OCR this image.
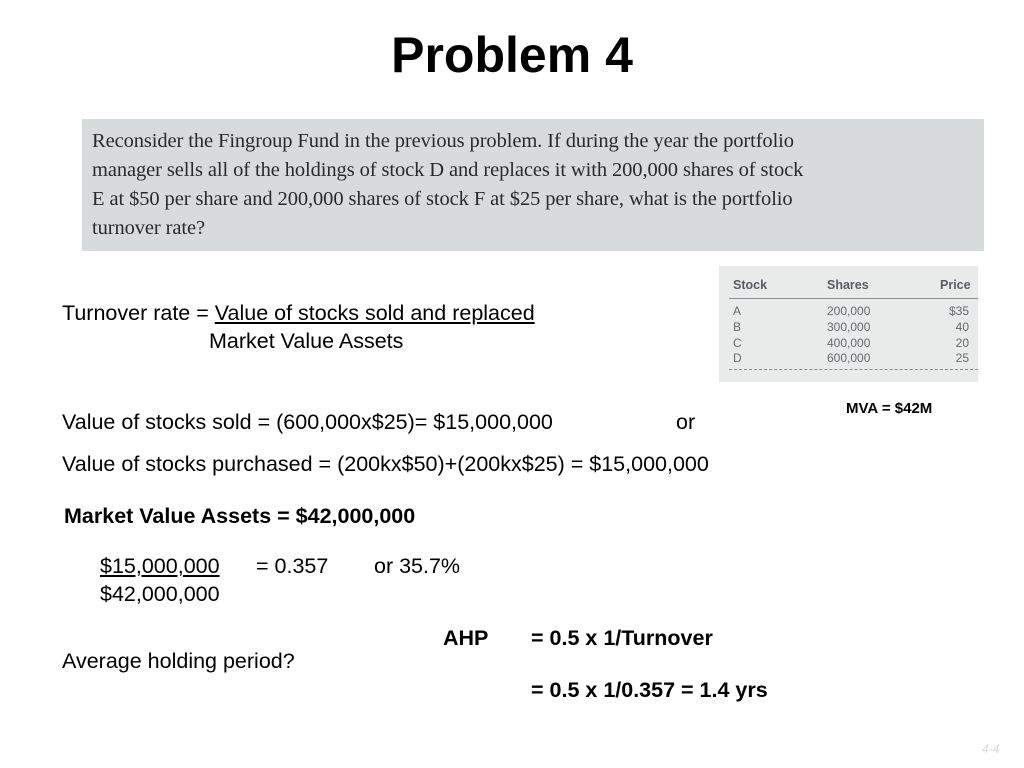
Problem 4
Reconsider the Fingroup Fund in the previous problem. If during the year the portfolio
manager sells all of the holdings of stock D and replaces it with 200,000 shares of stock
E at $50 per share and 200,000 shares of stock F at $25 per share, what is the portfolio
turnover rate?
Stock	Shares	Price
A	200,000	$35
B	300,000	40
C	400,000	20
D	600,000	25
MVA = $42M
Turnover rate = Value of stocks sold and replaced
Market Value Assets
Value of stocks sold = (600,000x$25)= $15,000,000	or
Value of stocks purchased = (200kx$50)+(200kx$25) = $15,000,000
Market Value Assets = $42,000,000
$15,000,000 = 0.357 or 35.7%
$42,000,000
AHP = 0.5 x 1/Turnover
Average holding period?
= 0.5 x 1/0.357 = 1.4 yrs
4-4
